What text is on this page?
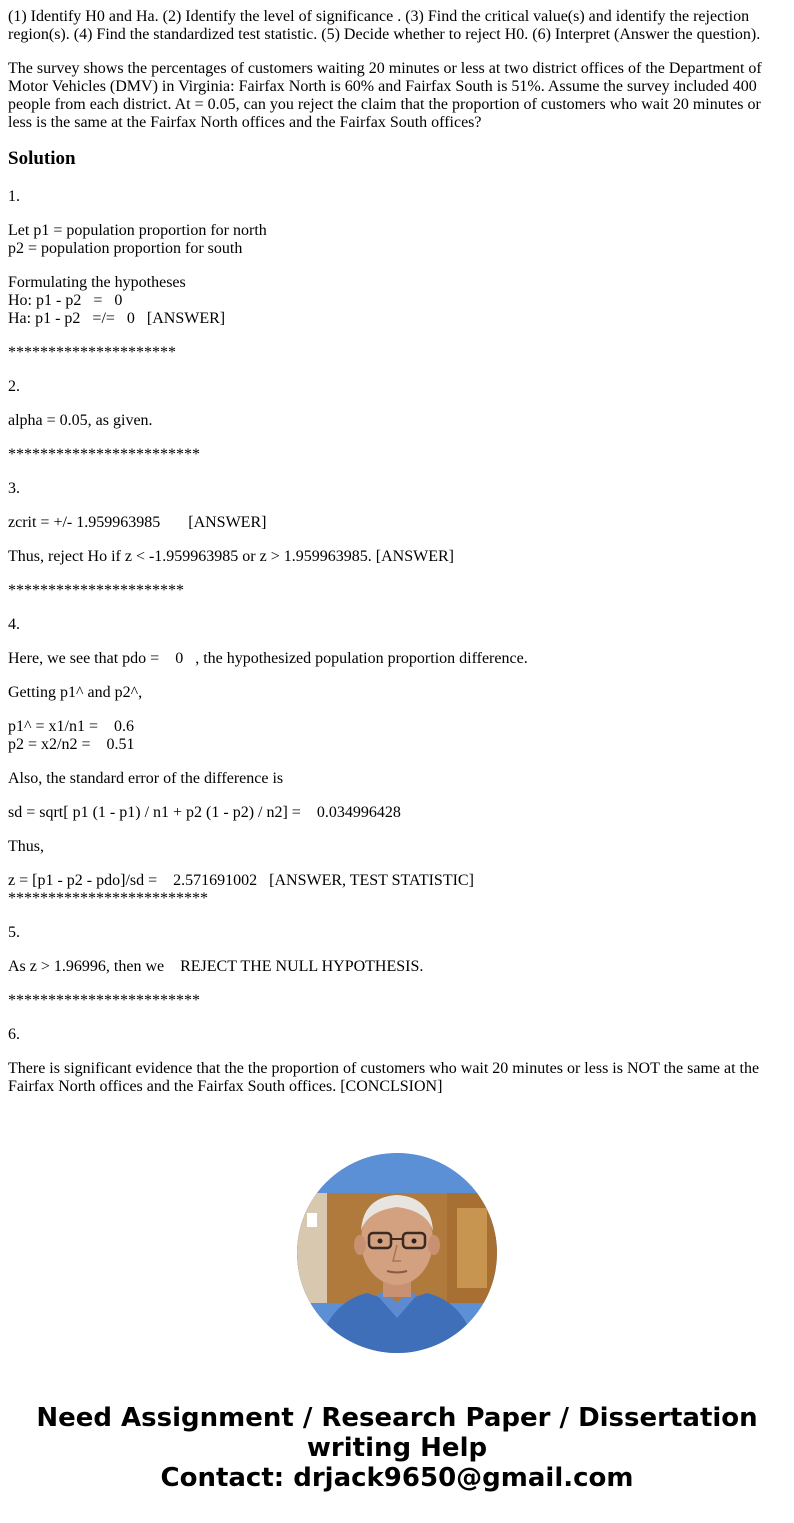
(1) Identify H0 and Ha. (2) Identify the level of significance . (3) Find the critical value(s) and identify the rejection region(s). (4) Find the standardized test statistic. (5) Decide whether to reject H0. (6) Interpret (Answer the question).

The survey shows the percentages of customers waiting 20 minutes or less at two district offices of the Department of Motor Vehicles (DMV) in Virginia: Fairfax North is 60% and Fairfax South is 51%. Assume the survey included 400 people from each district. At = 0.05, can you reject the claim that the proportion of customers who wait 20 minutes or less is the same at the Fairfax North offices and the Fairfax South offices?

Solution

1.

Let p1 = population proportion for north

p2 = population proportion for south

Formulating the hypotheses

Ho: p1 - p2   =   0

Ha: p1 - p2   =/=   0   [ANSWER]

*********************

2.

alpha = 0.05, as given.

************************

3.

zcrit = +/- 1.959963985       [ANSWER]

Thus, reject Ho if z < -1.959963985 or z > 1.959963985. [ANSWER]

**********************

4.

Here, we see that pdo =    0   , the hypothesized population proportion difference.

Getting p1^ and p2^,

p1^ = x1/n1 =    0.6

p2 = x2/n2 =    0.51

Also, the standard error of the difference is

sd = sqrt[ p1 (1 - p1) / n1 + p2 (1 - p2) / n2] =    0.034996428

Thus,

z = [p1 - p2 - pdo]/sd =    2.571691002   [ANSWER, TEST STATISTIC]

*************************

5.

As z > 1.96996, then we    REJECT THE NULL HYPOTHESIS.

************************

6.

There is significant evidence that the the proportion of customers who wait 20 minutes or less is NOT the same at the Fairfax North offices and the Fairfax South offices. [CONCLSION]

Need Assignment / Research Paper / Dissertation
writing Help
Contact: drjack9650@gmail.com
